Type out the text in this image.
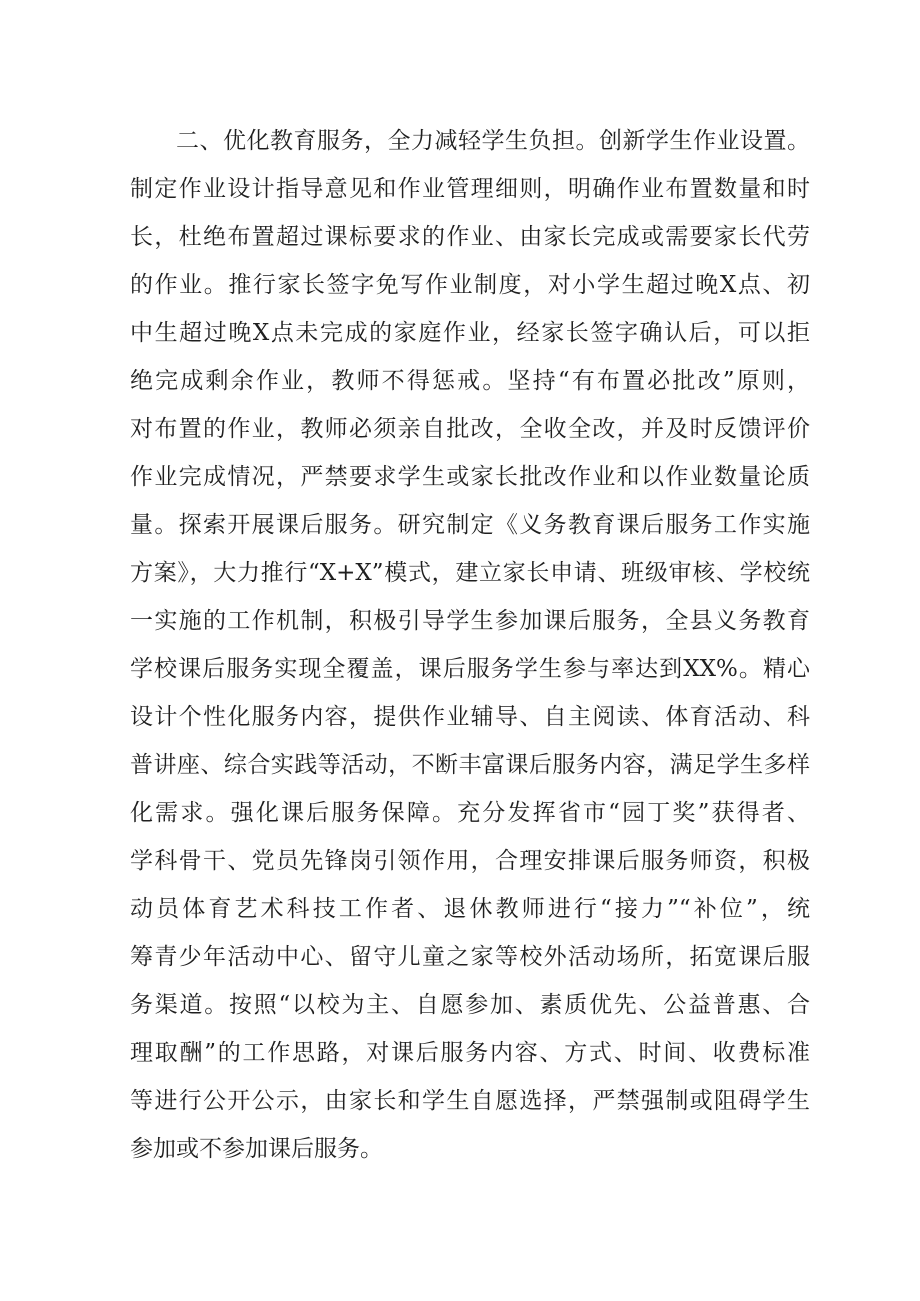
二、优化教育服务，全力减轻学生负担。创新学生作业设置。
制定作业设计指导意见和作业管理细则，明确作业布置数量和时
长，杜绝布置超过课标要求的作业、由家长完成或需要家长代劳
的作业。推行家长签字免写作业制度，对小学生超过晚X点、初
中生超过晚X点未完成的家庭作业，经家长签字确认后，可以拒
绝完成剩余作业，教师不得惩戒。坚持“有布置必批改”原则，
对布置的作业，教师必须亲自批改，全收全改，并及时反馈评价
作业完成情况，严禁要求学生或家长批改作业和以作业数量论质
量。探索开展课后服务。研究制定《义务教育课后服务工作实施
方案》，大力推行“X+X”模式，建立家长申请、班级审核、学校统
一实施的工作机制，积极引导学生参加课后服务，全县义务教育
学校课后服务实现全覆盖，课后服务学生参与率达到XX%。精心
设计个性化服务内容，提供作业辅导、自主阅读、体育活动、科
普讲座、综合实践等活动，不断丰富课后服务内容，满足学生多样
化需求。强化课后服务保障。充分发挥省市“园丁奖”获得者、
学科骨干、党员先锋岗引领作用，合理安排课后服务师资，积极
动员体育艺术科技工作者、退休教师进行“接力”“补位”，统
筹青少年活动中心、留守儿童之家等校外活动场所，拓宽课后服
务渠道。按照“以校为主、自愿参加、素质优先、公益普惠、合
理取酬”的工作思路，对课后服务内容、方式、时间、收费标准
等进行公开公示，由家长和学生自愿选择，严禁强制或阻碍学生
参加或不参加课后服务。
